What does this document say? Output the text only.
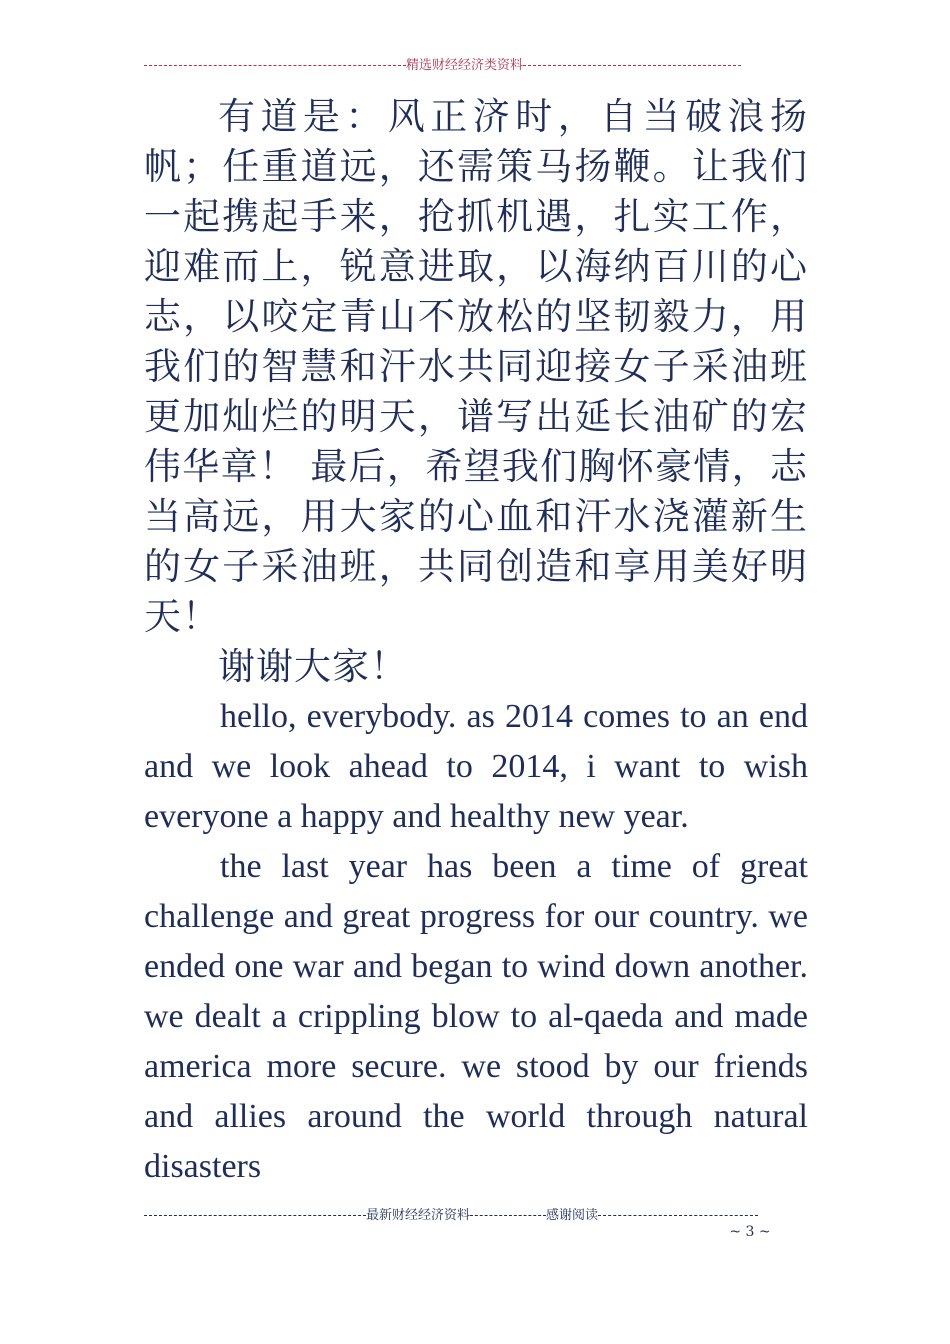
精选财经经济类资料

有道是：风正济时，自当破浪扬帆；任重道远，还需策马扬鞭。让我们一起携起手来，抢抓机遇，扎实工作，迎难而上，锐意进取，以海纳百川的心志，以咬定青山不放松的坚韧毅力，用我们的智慧和汗水共同迎接女子采油班更加灿烂的明天，谱写出延长油矿的宏伟华章！ 最后，希望我们胸怀豪情，志当高远，用大家的心血和汗水浇灌新生的女子采油班，共同创造和享用美好明天！

谢谢大家！

hello, everybody. as 2014 comes to an end and we look ahead to 2014, i want to wish everyone a happy and healthy new year.

the last year has been a time of great challenge and great progress for our country. we ended one war and began to wind down another. we dealt a crippling blow to al-qaeda and made america more secure. we stood by our friends and allies around the world through natural disasters

最新财经经济资料	感谢阅读
~ 3 ~
